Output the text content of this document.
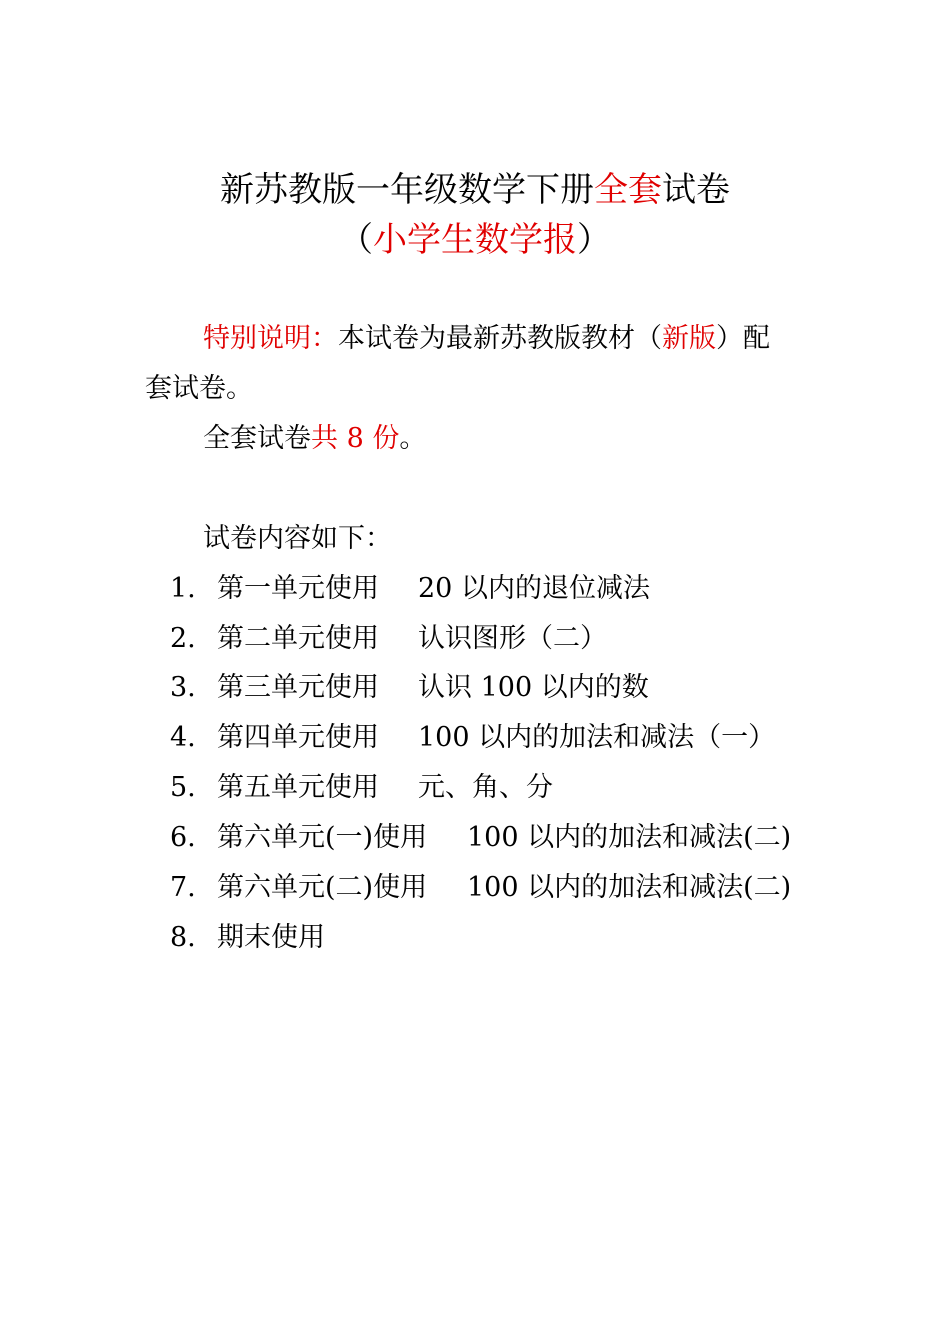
新苏教版一年级数学下册全套试卷
（小学生数学报）
特别说明：本试卷为最新苏教版教材（新版）配
套试卷。
全套试卷共 8 份。
试卷内容如下：
1. 第一单元使用 20 以内的退位减法
2. 第二单元使用 认识图形（二）
3. 第三单元使用 认识 100 以内的数
4. 第四单元使用 100 以内的加法和减法（一）
5. 第五单元使用 元、角、分
6. 第六单元(一)使用 100 以内的加法和减法(二)
7. 第六单元(二)使用 100 以内的加法和减法(二)
8. 期末使用
